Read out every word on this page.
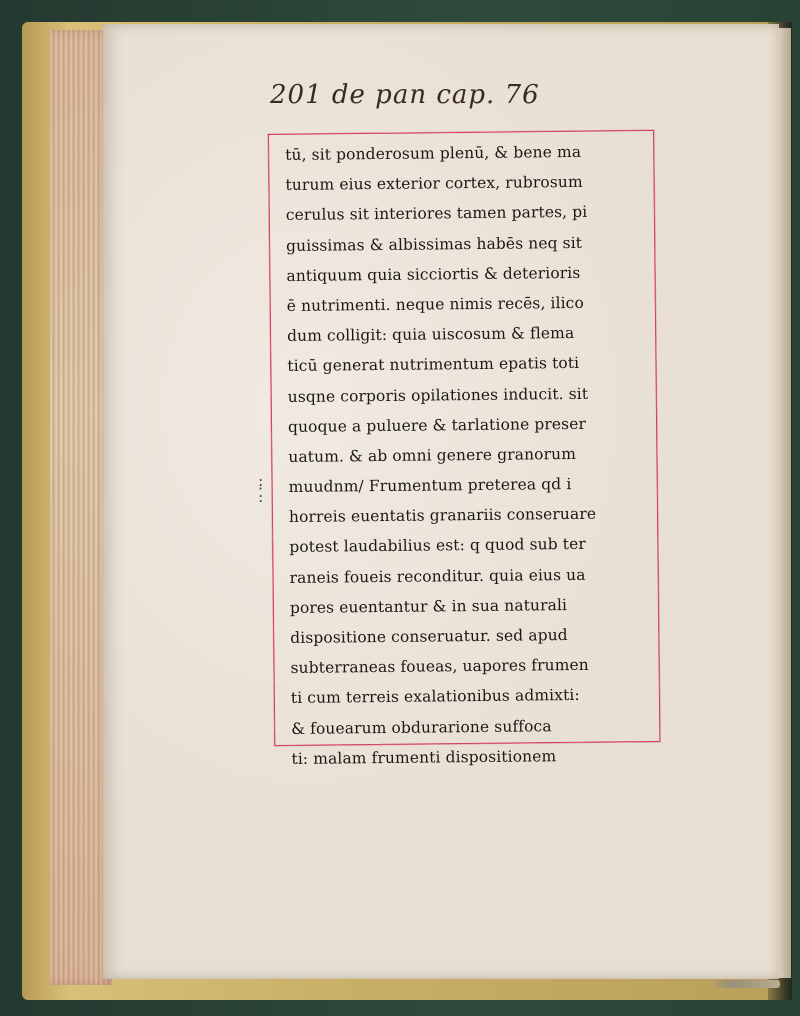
201 de pan cap. 76
tū, sit ponderosum plenū, & bene ma
turum eius exterior cortex, rubrosum
cerulus sit interiores tamen partes, pi
guissimas & albissimas habēs neq sit
antiquum quia sicciortis & deterioris
ē nutrimenti. neque nimis recēs, ilico
dum colligit: quia uiscosum & flema
ticū generat nutrimentum epatis toti
usqne corporis opilationes inducit. sit
quoque a puluere & tarlatione preser
uatum. & ab omni genere granorum
muudnm/ Frumentum preterea qd i
horreis euentatis granariis conseruare
potest laudabilius est: q quod sub ter
raneis foueis reconditur. quia eius ua
pores euentantur & in sua naturali
dispositione conseruatur. sed apud
subterraneas foueas, uapores frumen
ti cum terreis exalationibus admixti:
& fouearum obdurarione suffoca
ti: malam frumenti dispositionem
:
·
:
